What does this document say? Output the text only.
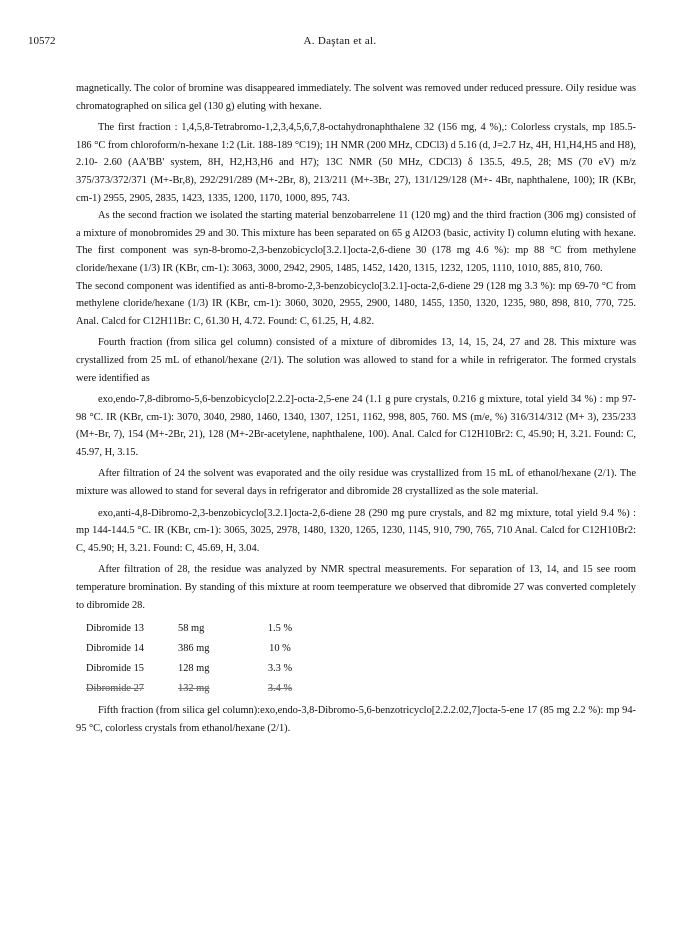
10572	A. Daştan et al.

magnetically. The color of bromine was disappeared immediately. The solvent was removed under reduced pressure. Oily residue was chromatographed on silica gel (130 g) eluting with hexane.

The first fraction : 1,4,5,8-Tetrabromo-1,2,3,4,5,6,7,8-octahydronaphthalene 32 (156 mg, 4 %),: Colorless crystals, mp 185.5-186 °C from chloroform/n-hexane 1:2 (Lit. 188-189 °C19); 1H NMR (200 MHz, CDCl3) d 5.16 (d, J=2.7 Hz, 4H, H1,H4,H5 and H8), 2.10- 2.60 (AA'BB' system, 8H, H2,H3,H6 and H7); 13C NMR (50 MHz, CDCl3) δ 135.5, 49.5, 28; MS (70 eV) m/z 375/373/372/371 (M+-Br,8), 292/291/289 (M+-2Br, 8), 213/211 (M+-3Br, 27), 131/129/128 (M+- 4Br, naphthalene, 100); IR (KBr, cm-1) 2955, 2905, 2835, 1423, 1335, 1200, 1170, 1000, 895, 743.

As the second fraction we isolated the starting material benzobarrelene 11 (120 mg) and the third fraction (306 mg) consisted of a mixture of monobromides 29 and 30. This mixture has been separated on 65 g Al2O3 (basic, activity I) column eluting with hexane. The first component was syn-8-bromo-2,3-benzobicyclo[3.2.1]octa-2,6-diene 30 (178 mg 4.6 %): mp 88 °C from methylene cloride/hexane (1/3) IR (KBr, cm-1): 3063, 3000, 2942, 2905, 1485, 1452, 1420, 1315, 1232, 1205, 1110, 1010, 885, 810, 760.

The second component was identified as anti-8-bromo-2,3-benzobicyclo[3.2.1]-octa-2,6-diene 29 (128 mg 3.3 %): mp 69-70 °C from methylene cloride/hexane (1/3) IR (KBr, cm-1): 3060, 3020, 2955, 2900, 1480, 1455, 1350, 1320, 1235, 980, 898, 810, 770, 725. Anal. Calcd for C12H11Br: C, 61.30 H, 4.72. Found: C, 61.25, H, 4.82.

Fourth fraction (from silica gel column) consisted of a mixture of dibromides 13, 14, 15, 24, 27 and 28. This mixture was crystallized from 25 mL of ethanol/hexane (2/1). The solution was allowed to stand for a while in refrigerator. The formed crystals were identified as

exo,endo-7,8-dibromo-5,6-benzobicyclo[2.2.2]-octa-2,5-ene 24 (1.1 g pure crystals, 0.216 g mixture, total yield 34 %) : mp 97-98 °C. IR (KBr, cm-1): 3070, 3040, 2980, 1460, 1340, 1307, 1251, 1162, 998, 805, 760. MS (m/e, %) 316/314/312 (M+ 3), 235/233 (M+-Br, 7), 154 (M+-2Br, 21), 128 (M+-2Br-acetylene, naphthalene, 100). Anal. Calcd for C12H10Br2: C, 45.90; H, 3.21. Found: C, 45.97, H, 3.15.

After filtration of 24 the solvent was evaporated and the oily residue was crystallized from 15 mL of ethanol/hexane (2/1). The mixture was allowed to stand for several days in refrigerator and dibromide 28 crystallized as the sole material.

exo,anti-4,8-Dibromo-2,3-benzobicyclo[3.2.1]octa-2,6-diene 28 (290 mg pure crystals, and 82 mg mixture, total yield 9.4 %) : mp 144-144.5 °C. IR (KBr, cm-1): 3065, 3025, 2978, 1480, 1320, 1265, 1230, 1145, 910, 790, 765, 710 Anal. Calcd for C12H10Br2: C, 45.90; H, 3.21. Found: C, 45.69, H, 3.04.

After filtration of 28, the residue was analyzed by NMR spectral measurements. For separation of 13, 14, and 15 see room temperature bromination. By standing of this mixture at room teemperature we observed that dibromide 27 was converted completely to dibromide 28.

Dibromide 13	58 mg	1.5 %
Dibromide 14	386 mg	10 %
Dibromide 15	128 mg	3.3 %
Dibromide 27	132 mg	3.4 %

Fifth fraction (from silica gel column):exo,endo-3,8-Dibromo-5,6-benzotricyclo[2.2.2.02,7]octa-5-ene 17 (85 mg 2.2 %): mp 94-95 °C, colorless crystals from ethanol/hexane (2/1).
